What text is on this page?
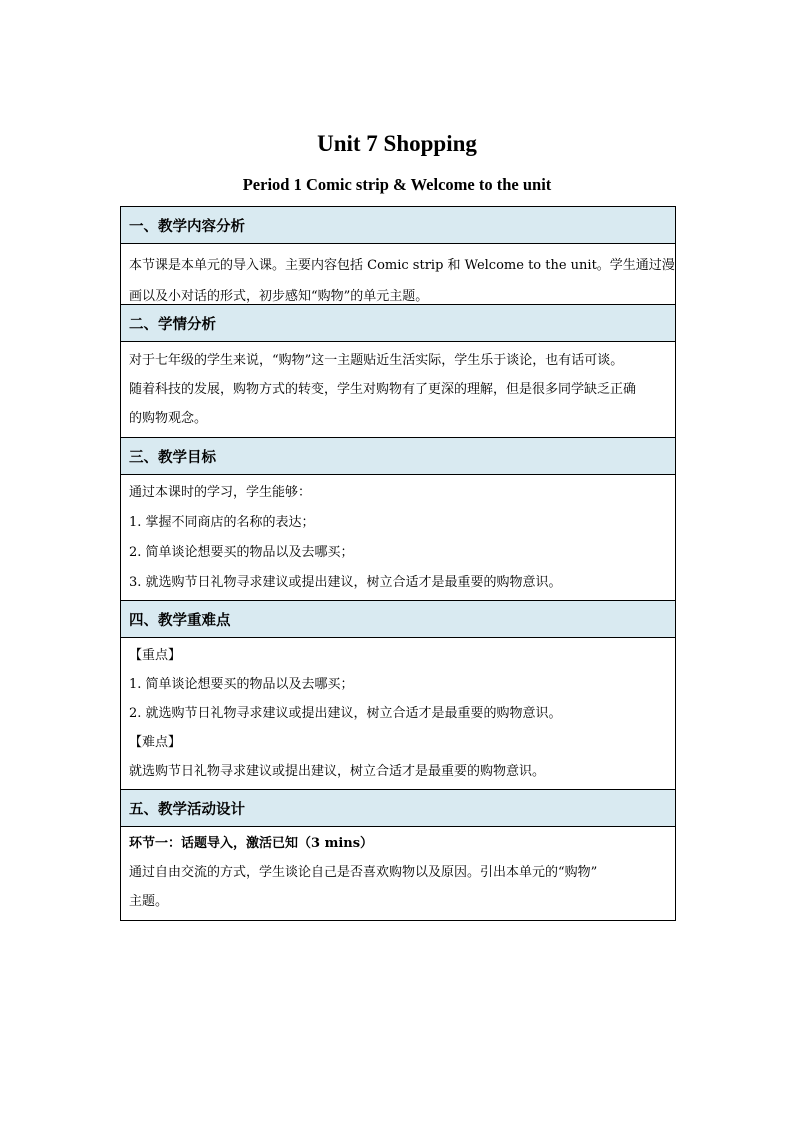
Unit 7 Shopping
Period 1 Comic strip & Welcome to the unit
一、教学内容分析
本节课是本单元的导入课。主要内容包括 Comic strip 和 Welcome to the unit。学生通过漫
画以及小对话的形式，初步感知“购物”的单元主题。
二、学情分析
对于七年级的学生来说，“购物”这一主题贴近生活实际，学生乐于谈论，也有话可谈。
随着科技的发展，购物方式的转变，学生对购物有了更深的理解，但是很多同学缺乏正确
的购物观念。
三、教学目标
通过本课时的学习，学生能够：
1. 掌握不同商店的名称的表达；
2. 简单谈论想要买的物品以及去哪买；
3. 就选购节日礼物寻求建议或提出建议，树立合适才是最重要的购物意识。
四、教学重难点
【重点】
1. 简单谈论想要买的物品以及去哪买；
2. 就选购节日礼物寻求建议或提出建议，树立合适才是最重要的购物意识。
【难点】
就选购节日礼物寻求建议或提出建议，树立合适才是最重要的购物意识。
五、教学活动设计
环节一：话题导入，激活已知（3 mins）
通过自由交流的方式，学生谈论自己是否喜欢购物以及原因。引出本单元的“购物”
主题。
